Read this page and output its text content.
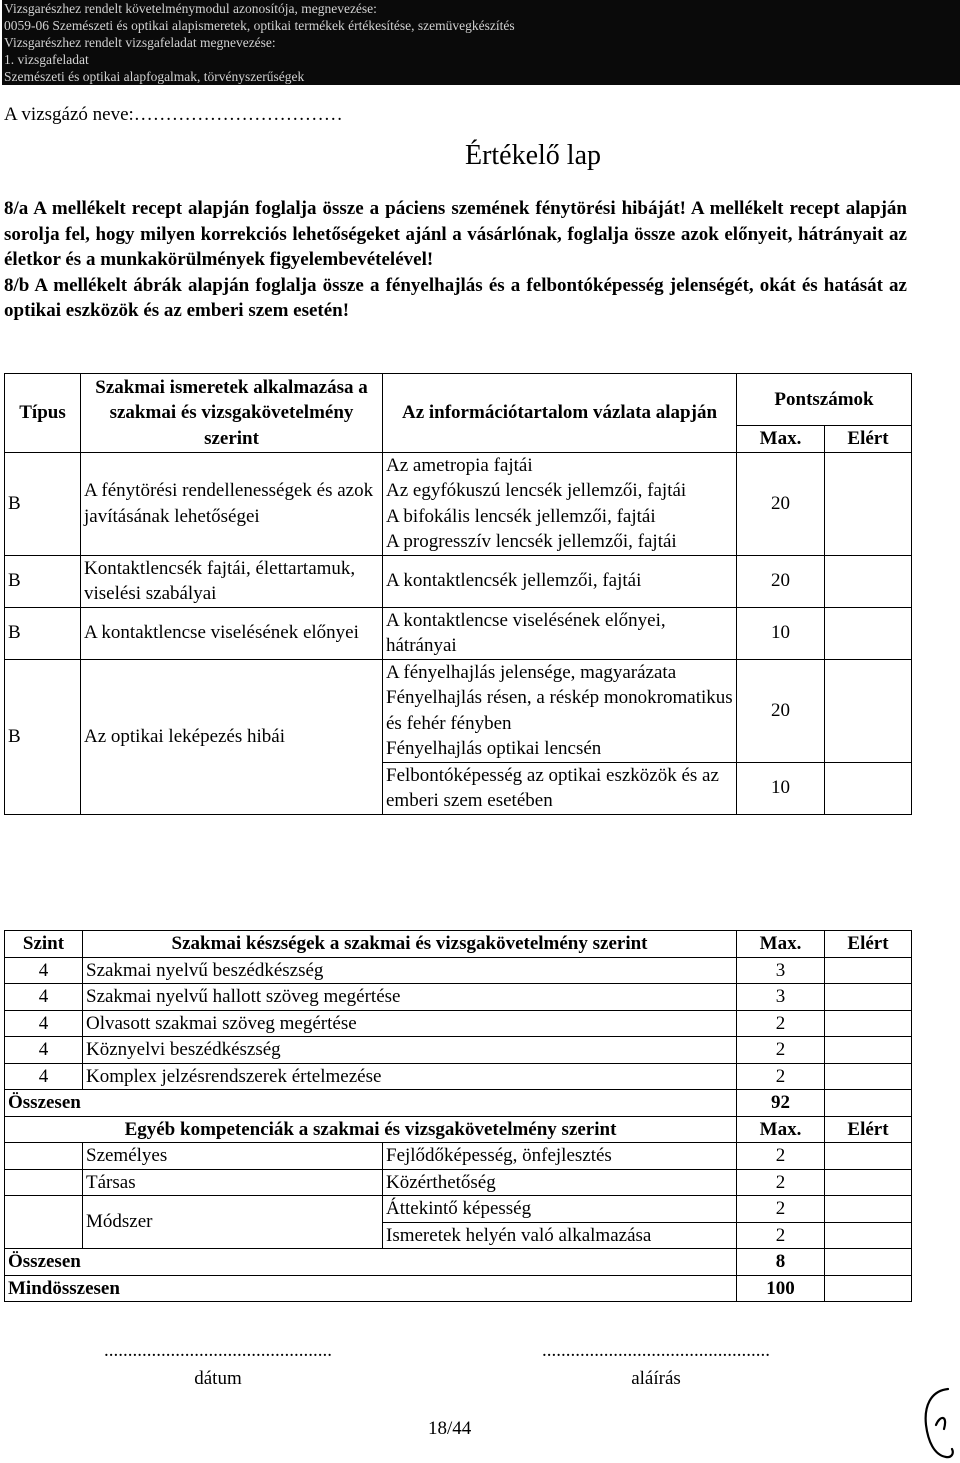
Vizsgarészhez rendelt követelménymodul azonosítója, megnevezése:
0059-06 Szemészeti és optikai alapismeretek, optikai termékek értékesítése, szemüvegkészítés
Vizsgarészhez rendelt vizsgafeladat megnevezése:
1. vizsgafeladat
Szemészeti és optikai alapfogalmak, törvényszerűségek
A vizsgázó neve:……………………………
Értékelő lap

8/a A mellékelt recept alapján foglalja össze a páciens szemének fénytörési hibáját! A mellékelt recept alapján sorolja fel, hogy milyen korrekciós lehetőségeket ajánl a vásárlónak, foglalja össze azok előnyeit, hátrányait az életkor és a munkakörülmények figyelembevételével!

8/b A mellékelt ábrák alapján foglalja össze a fényelhajlás és a felbontóképesség jelenségét, okát és hatását az optikai eszközök és az emberi szem esetén!

Típus	Szakmai ismeretek alkalmazása a szakmai és vizsgakövetelmény szerint	Az információtartalom vázlata alapján	Pontszámok	
			Max.	Elért
B	A fénytörési rendellenességek és azok javításának lehetőségei	Az ametropia fajtái
Az egyfókuszú lencsék jellemzői, fajtái
A bifokális lencsék jellemzői, fajtái
A progresszív lencsék jellemzői, fajtái	20	
B	Kontaktlencsék fajtái, élettartamuk, viselési szabályai	A kontaktlencsék jellemzői, fajtái	20	
B	A kontaktlencse viselésének előnyei	A kontaktlencse viselésének előnyei, hátrányai	10	
B	Az optikai leképezés hibái	A fényelhajlás jelensége, magyarázata
Fényelhajlás résen, a réskép monokromatikus és fehér fényben
Fényelhajlás optikai lencsén	20	
		Felbontóképesség az optikai eszközök és az emberi szem esetében	10	
Szint	Szakmai készségek a szakmai és vizsgakövetelmény szerint		Max.	Elért
4	Szakmai nyelvű beszédkészség		3	
4	Szakmai nyelvű hallott szöveg megértése		3	
4	Olvasott szakmai szöveg megértése		2	
4	Köznyelvi beszédkészség		2	
4	Komplex jelzésrendszerek értelmezése		2	
Összesen			92	
Egyéb kompetenciák a szakmai és vizsgakövetelmény szerint			Max.	Elért
	Személyes	Fejlődőképesség, önfejlesztés	2	
	Társas	Közérthetőség	2	
	Módszer	Áttekintő képesség	2	
		Ismeretek helyén való alkalmazása	2	
Összesen			8	
Mindösszesen			100	
................................................
dátum
................................................
aláírás
18/44
